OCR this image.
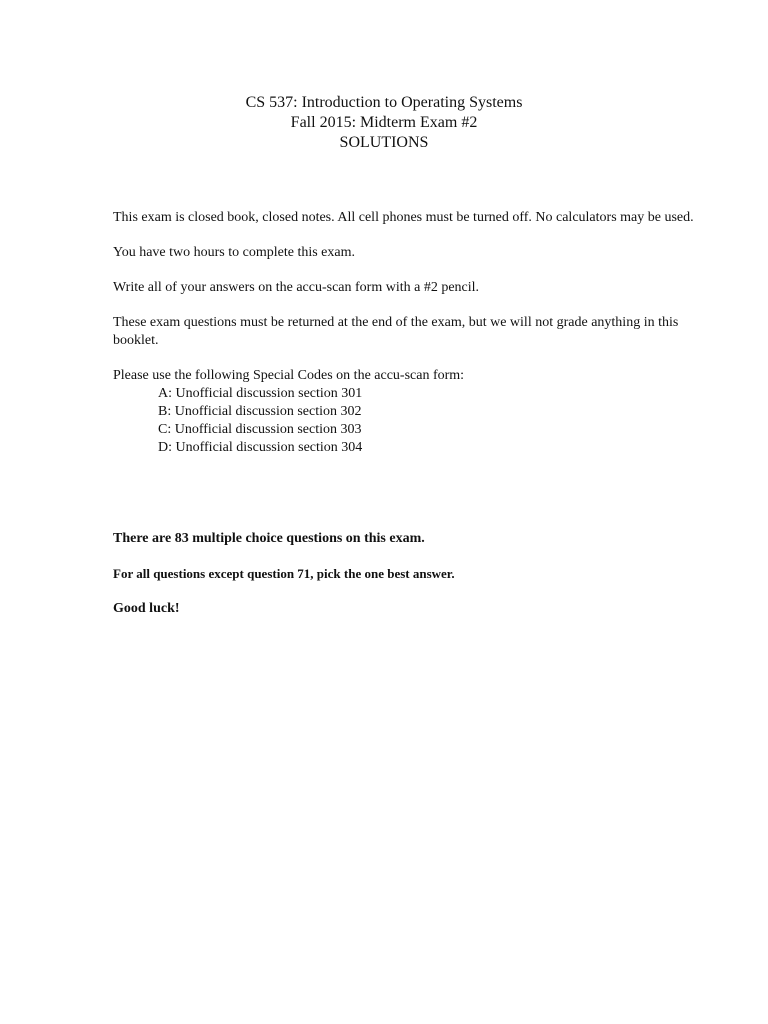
CS 537: Introduction to Operating Systems
Fall 2015: Midterm Exam #2
SOLUTIONS

This exam is closed book, closed notes. All cell phones must be turned off. No calculators may be used.

You have two hours to complete this exam.

Write all of your answers on the accu-scan form with a #2 pencil.

These exam questions must be returned at the end of the exam, but we will not grade anything in this booklet.

Please use the following Special Codes on the accu-scan form:

A: Unofficial discussion section 301
B: Unofficial discussion section 302
C: Unofficial discussion section 303
D: Unofficial discussion section 304
There are 83 multiple choice questions on this exam.
For all questions except question 71, pick the one best answer.
Good luck!
